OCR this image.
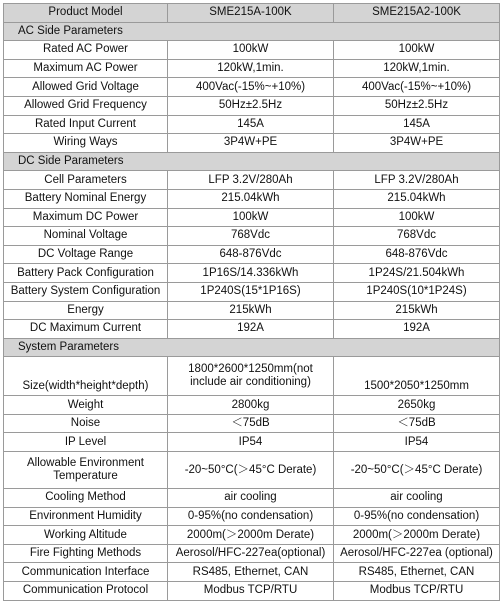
Product Model	SME215A-100K	SME215A2-100K
AC Side Parameters		
Rated AC Power	100kW	100kW
Maximum AC Power	120kW,1min.	120kW,1min.
Allowed Grid Voltage	400Vac(-15%~+10%)	400Vac(-15%~+10%)
Allowed Grid Frequency	50Hz±2.5Hz	50Hz±2.5Hz
Rated Input Current	145A	145A
Wiring Ways	3P4W+PE	3P4W+PE
DC Side Parameters		
Cell Parameters	LFP 3.2V/280Ah	LFP 3.2V/280Ah
Battery Nominal Energy	215.04kWh	215.04kWh
Maximum DC Power	100kW	100kW
Nominal Voltage	768Vdc	768Vdc
DC Voltage Range	648-876Vdc	648-876Vdc
Battery Pack Configuration	1P16S/14.336kWh	1P24S/21.504kWh
Battery System Configuration	1P240S(15*1P16S)	1P240S(10*1P24S)
Energy	215kWh	215kWh
DC Maximum Current	192A	192A
System Parameters		
Size(width*height*depth)	1800*2600*1250mm(not include air conditioning)	1500*2050*1250mm
Weight	2800kg	2650kg
Noise	＜75dB	＜75dB
IP Level	IP54	IP54
Allowable Environment Temperature	-20~50°C(＞45°C Derate)	-20~50°C(＞45°C Derate)
Cooling Method	air cooling	air cooling
Environment Humidity	0-95%(no condensation)	0-95%(no condensation)
Working Altitude	2000m(＞2000m Derate)	2000m(＞2000m Derate)
Fire Fighting Methods	Aerosol/HFC-227ea(optional)	Aerosol/HFC-227ea (optional)
Communication Interface	RS485, Ethernet, CAN	RS485, Ethernet, CAN
Communication Protocol	Modbus TCP/RTU	Modbus TCP/RTU
